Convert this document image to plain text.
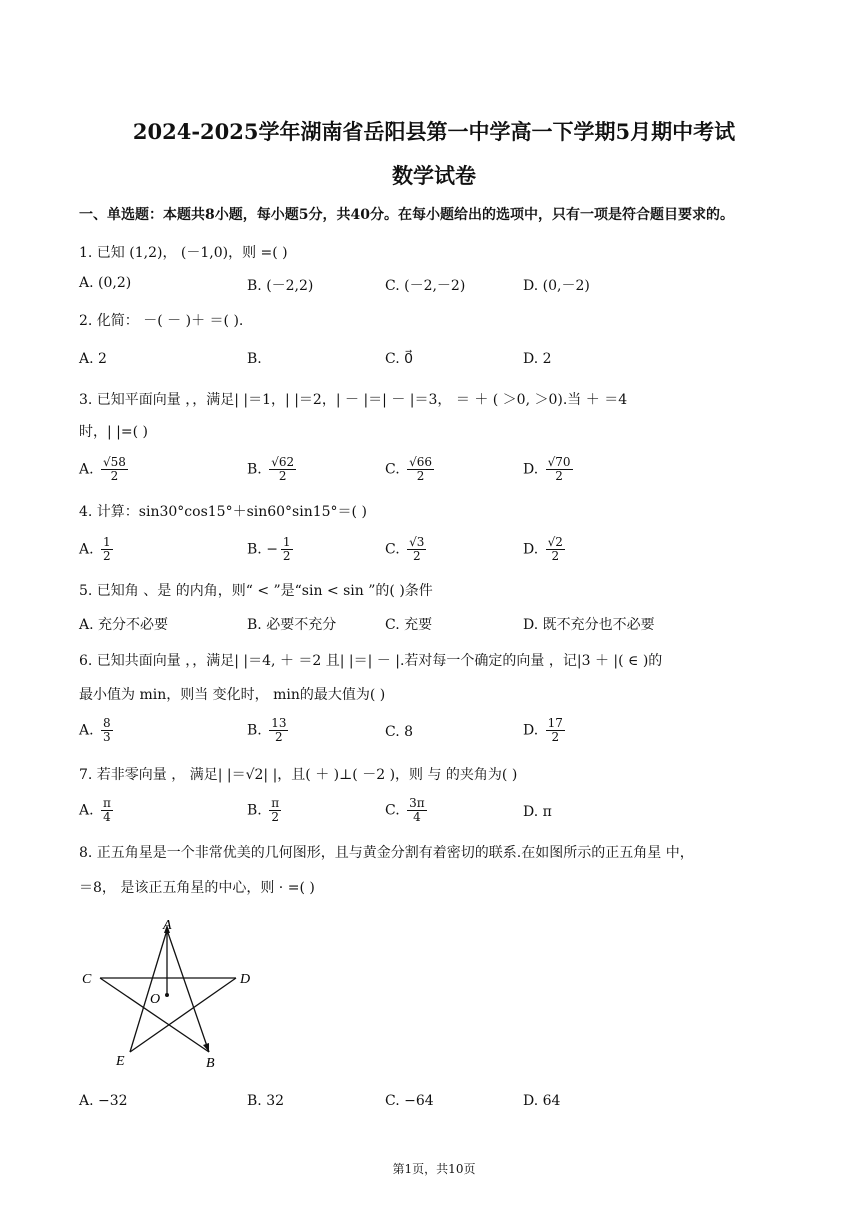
2024-2025学年湖南省岳阳县第一中学高一下学期5月期中考试
数学试卷
一、单选题：本题共8小题，每小题5分，共40分。在每小题给出的选项中，只有一项是符合题目要求的。
1. 已知 (1,2)， (－1,0)，则 =( )
A. (0,2)	B. (－2,2)	C. (－2,－2)	D. (0,－2)
2. 化简： －( － )＋ ＝( ).
A. 2	B.	C. 0⃗	D. 2
3. 已知平面向量 ，，满足| |＝1，| |＝2，| － |＝| － |＝3， ＝ ＋ ( ＞0, ＞0).当 ＋ ＝4
时，| |=( )
A. $\frac{√58}{2}$	B. $\frac{√62}{2}$	C. $\frac{√66}{2}$	D. $\frac{√70}{2}$
4. 计算：sin30°cos15°＋sin60°sin15°＝( )
A. $\frac{1}{2}$	B. − $\frac{1}{2}$	C. $\frac{√3}{2}$	D. $\frac{√2}{2}$
5. 已知角 、是 的内角，则“ < ”是“sin < sin ”的( )条件
A. 充分不必要	B. 必要不充分	C. 充要	D. 既不充分也不必要
6. 已知共面向量 ，，满足| |＝4, ＋ ＝2 且| |＝| － |.若对每一个确定的向量 ，记|3 ＋ |( ∈ )的
最小值为 min，则当 变化时， min的最大值为( )
A. $\frac{8}{3}$	B. $\frac{13}{2}$	C. 8	D. $\frac{17}{2}$
7. 若非零向量 ， 满足| |＝√2| |，且( ＋ )⊥( －2 )，则 与 的夹角为( )
A. $\frac{\pi}{4}$	B. $\frac{\pi}{2}$	C. $\frac{3\pi}{4}$	D. π
8. 正五角星是一个非常优美的几何图形，且与黄金分割有着密切的联系.在如图所示的正五角星 中，
＝8， 是该正五角星的中心，则 · =( )
A
B
C	D
E
O
A. −32	B. 32	C. −64	D. 64
第1页，共10页
